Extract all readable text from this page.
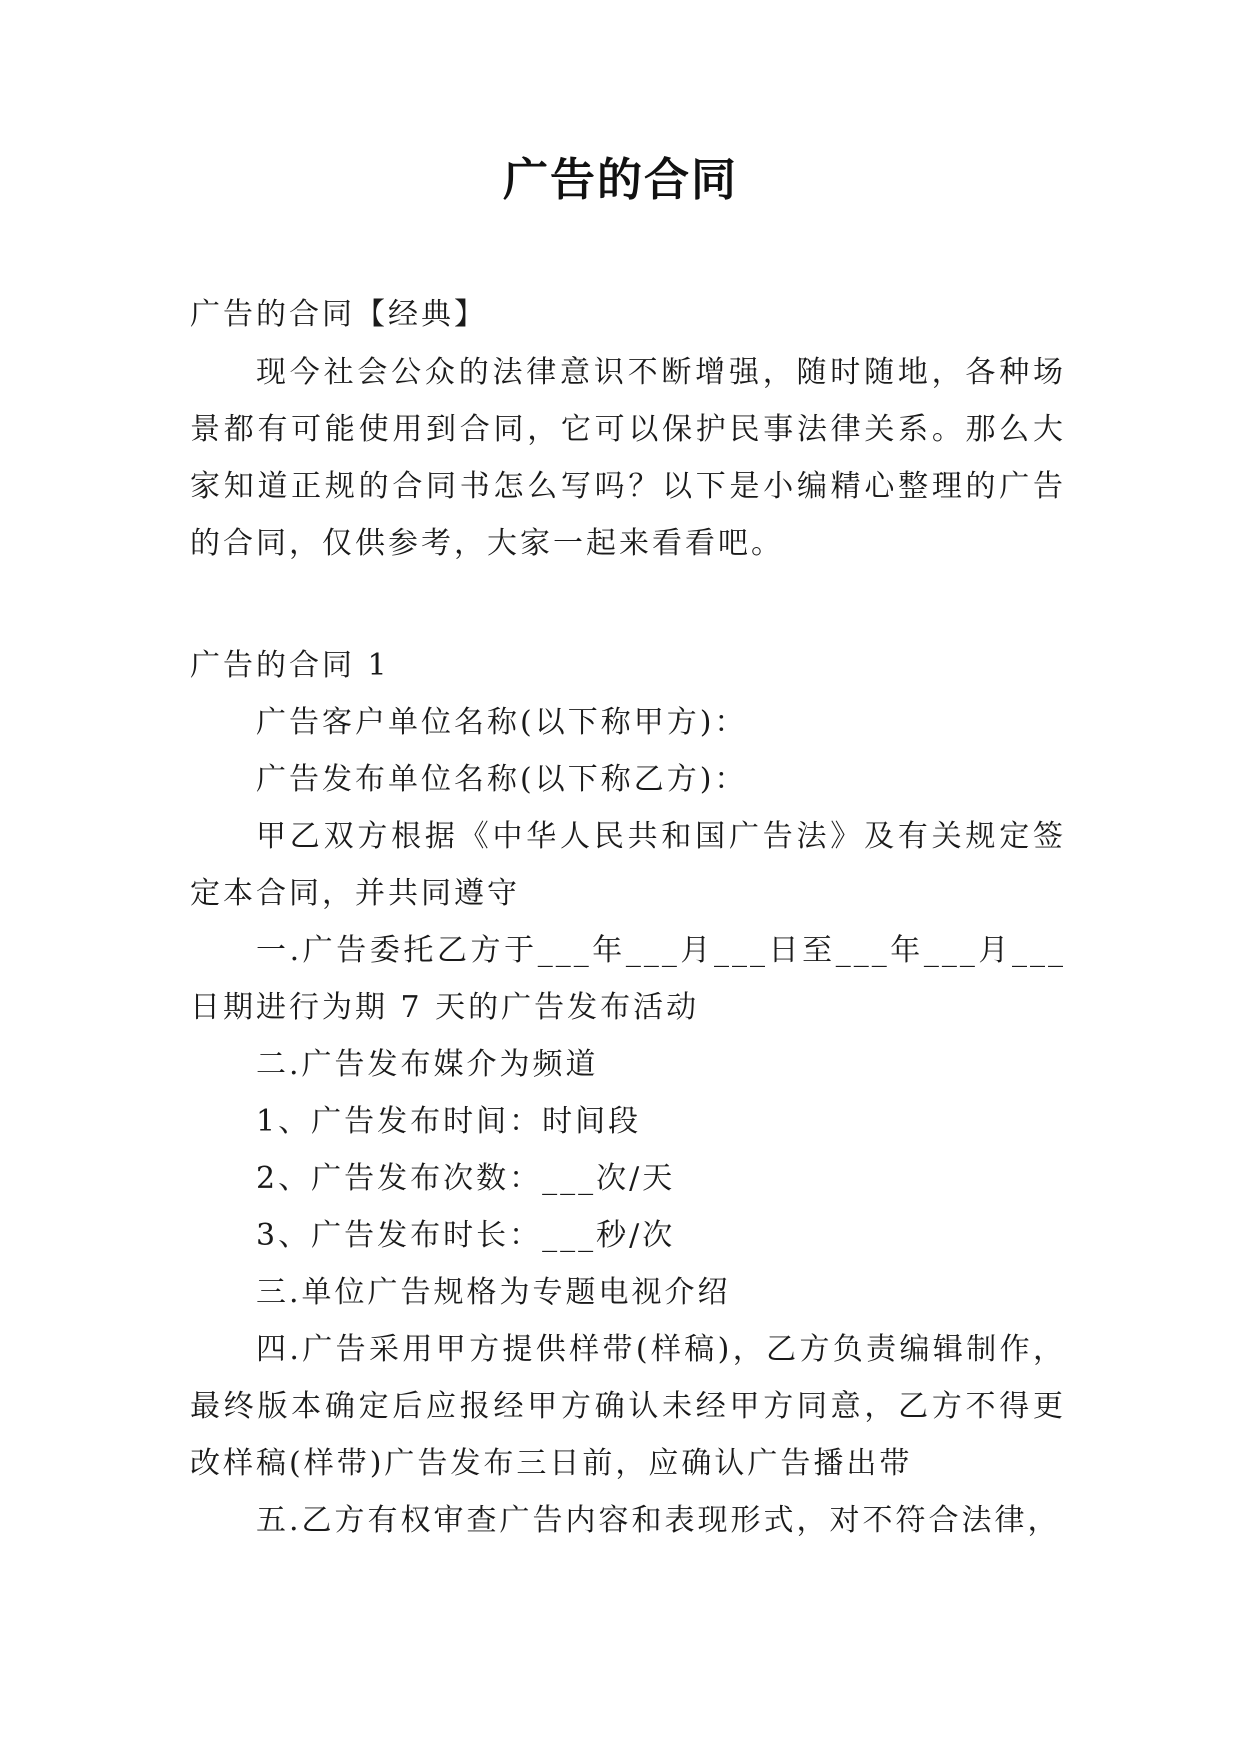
广告的合同
广告的合同【经典】

现今社会公众的法律意识不断增强，随时随地，各种场景都有可能使用到合同，它可以保护民事法律关系。那么大家知道正规的合同书怎么写吗？以下是小编精心整理的广告的合同，仅供参考，大家一起来看看吧。

广告的合同 1

广告客户单位名称(以下称甲方)：

广告发布单位名称(以下称乙方)：

甲乙双方根据《中华人民共和国广告法》及有关规定签定本合同，并共同遵守

一.广告委托乙方于___年___月___日至___年___月___日期进行为期 7 天的广告发布活动

二.广告发布媒介为频道

1、广告发布时间：时间段

2、广告发布次数：___次/天

3、广告发布时长：___秒/次

三.单位广告规格为专题电视介绍

四.广告采用甲方提供样带(样稿)，乙方负责编辑制作，最终版本确定后应报经甲方确认未经甲方同意，乙方不得更改样稿(样带)广告发布三日前，应确认广告播出带

五.乙方有权审查广告内容和表现形式，对不符合法律，
